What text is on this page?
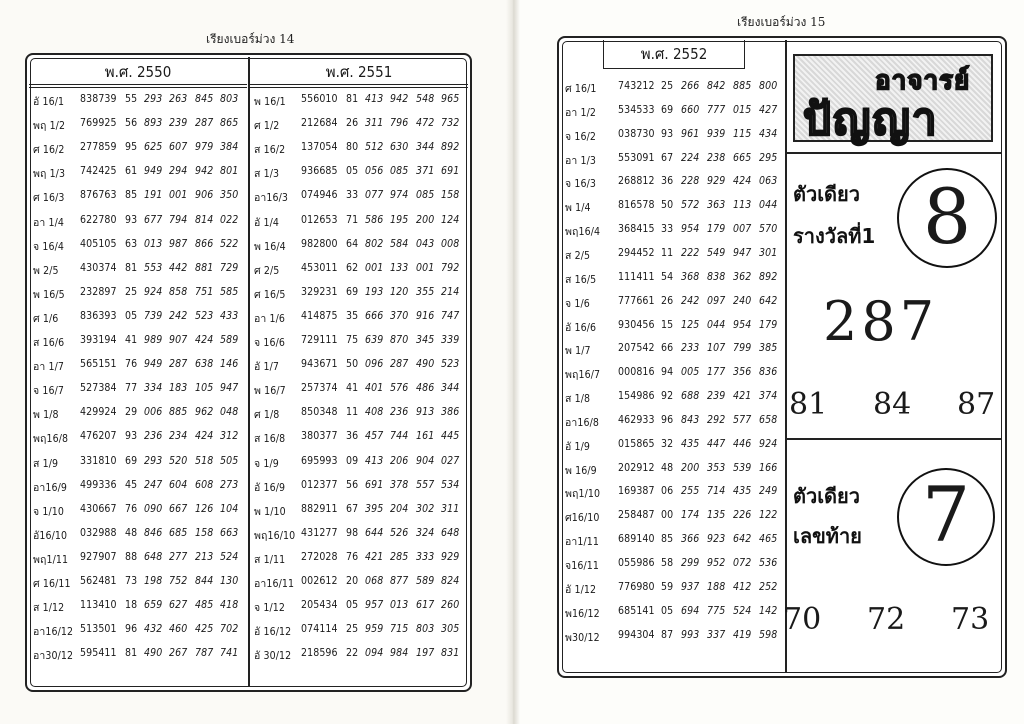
เรียงเบอร์ม่วง 14
เรียงเบอร์ม่วง 15
พ.ศ. 2550
อั 16/1 838739 55 293 263 845 803
พฤ 1/2 769925 56 893 239 287 865
ศ 16/2 277859 95 625 607 979 384
พฤ 1/3 742425 61 949 294 942 801
ศ 16/3 876763 85 191 001 906 350
อา 1/4 622780 93 677 794 814 022
จ 16/4 405105 63 013 987 866 522
พ 2/5 430374 81 553 442 881 729
พ 16/5 232897 25 924 858 751 585
ศ 1/6 836393 05 739 242 523 433
ส 16/6 393194 41 989 907 424 589
อา 1/7 565151 76 949 287 638 146
จ 16/7 527384 77 334 183 105 947
พ 1/8 429924 29 006 885 962 048
พฤ16/8 476207 93 236 234 424 312
ส 1/9 331810 69 293 520 518 505
อา16/9 499336 45 247 604 608 273
จ 1/10 430667 76 090 667 126 104
อั16/10 032988 48 846 685 158 663
พฤ1/11 927907 88 648 277 213 524
ศ 16/11 562481 73 198 752 844 130
ส 1/12 113410 18 659 627 485 418
อา16/12 513501 96 432 460 425 702
อา30/12 595411 81 490 267 787 741
พ.ศ. 2551
พ 16/1 556010 81 413 942 548 965
ศ 1/2 212684 26 311 796 472 732
ส 16/2 137054 80 512 630 344 892
ส 1/3 936685 05 056 085 371 691
อา16/3 074946 33 077 974 085 158
อั 1/4 012653 71 586 195 200 124
พ 16/4 982800 64 802 584 043 008
ศ 2/5 453011 62 001 133 001 792
ศ 16/5 329231 69 193 120 355 214
อา 1/6 414875 35 666 370 916 747
จ 16/6 729111 75 639 870 345 339
อั 1/7 943671 50 096 287 490 523
พ 16/7 257374 41 401 576 486 344
ศ 1/8 850348 11 408 236 913 386
ส 16/8 380377 36 457 744 161 445
จ 1/9 695993 09 413 206 904 027
อั 16/9 012377 56 691 378 557 534
พ 1/10 882911 67 395 204 302 311
พฤ16/10 431277 98 644 526 324 648
ส 1/11 272028 76 421 285 333 929
อา16/11 002612 20 068 877 589 824
จ 1/12 205434 05 957 013 617 260
อั 16/12 074114 25 959 715 803 305
อั 30/12 218596 22 094 984 197 831
พ.ศ. 2552
ศ 16/1 743212 25 266 842 885 800
อา 1/2 534533 69 660 777 015 427
จ 16/2 038730 93 961 939 115 434
อา 1/3 553091 67 224 238 665 295
จ 16/3 268812 36 228 929 424 063
พ 1/4	816578 50 572 363 113 044
พฤ16/4 368415 33 954 179 007 570
ส 2/5	294452 11 222 549 947 301
ส 16/5 111411 54 368 838 362 892
จ 1/6	777661 26 242 097 240 642
อั 16/6 930456 15 125 044 954 179
พ 1/7	207542 66 233 107 799 385
พฤ16/7 000816 94 005 177 356 836
ส 1/8	154986 92 688 239 421 374
อา16/8 462933 96 843 292 577 658
อั 1/9	015865 32 435 447 446 924
พ 16/9 202912 48 200 353 539 166
พฤ1/10 169387 06 255 714 435 249
ศ16/10 258487 00 174 135 226 122
อา1/11 689140 85 366 923 642 465
จ16/11 055986 58 299 952 072 536
อั 1/12 776980 59 937 188 412 252
พ16/12 685141 05 694 775 524 142
พ30/12 994304 87 993 337 419 598
อาจารย์
ปัญญา
ตัวเดียว
รางวัลที่1 8
287
81 84 87
ตัวเดียว
เลขท้าย 7
70 72 73
